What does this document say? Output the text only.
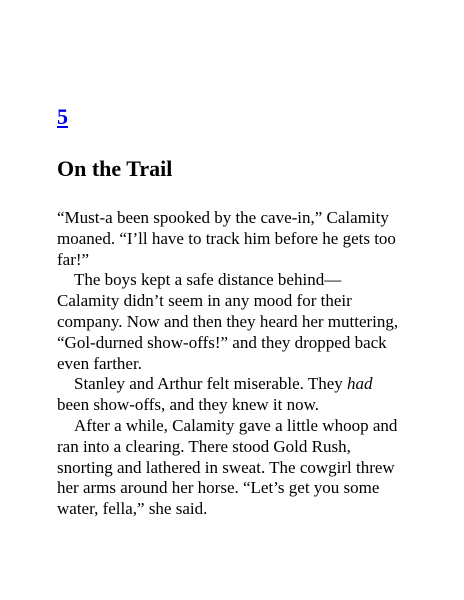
5
On the Trail

“Must-a been spooked by the cave-in,” Calamity
moaned. “I’ll have to track him before he gets too
far!”

The boys kept a safe distance behind—
Calamity didn’t seem in any mood for their
company. Now and then they heard her muttering,
“Gol-durned show-offs!” and they dropped back
even farther.

Stanley and Arthur felt miserable. They had
been show-offs, and they knew it now.

After a while, Calamity gave a little whoop and
ran into a clearing. There stood Gold Rush,
snorting and lathered in sweat. The cowgirl threw
her arms around her horse. “Let’s get you some
water, fella,” she said.
